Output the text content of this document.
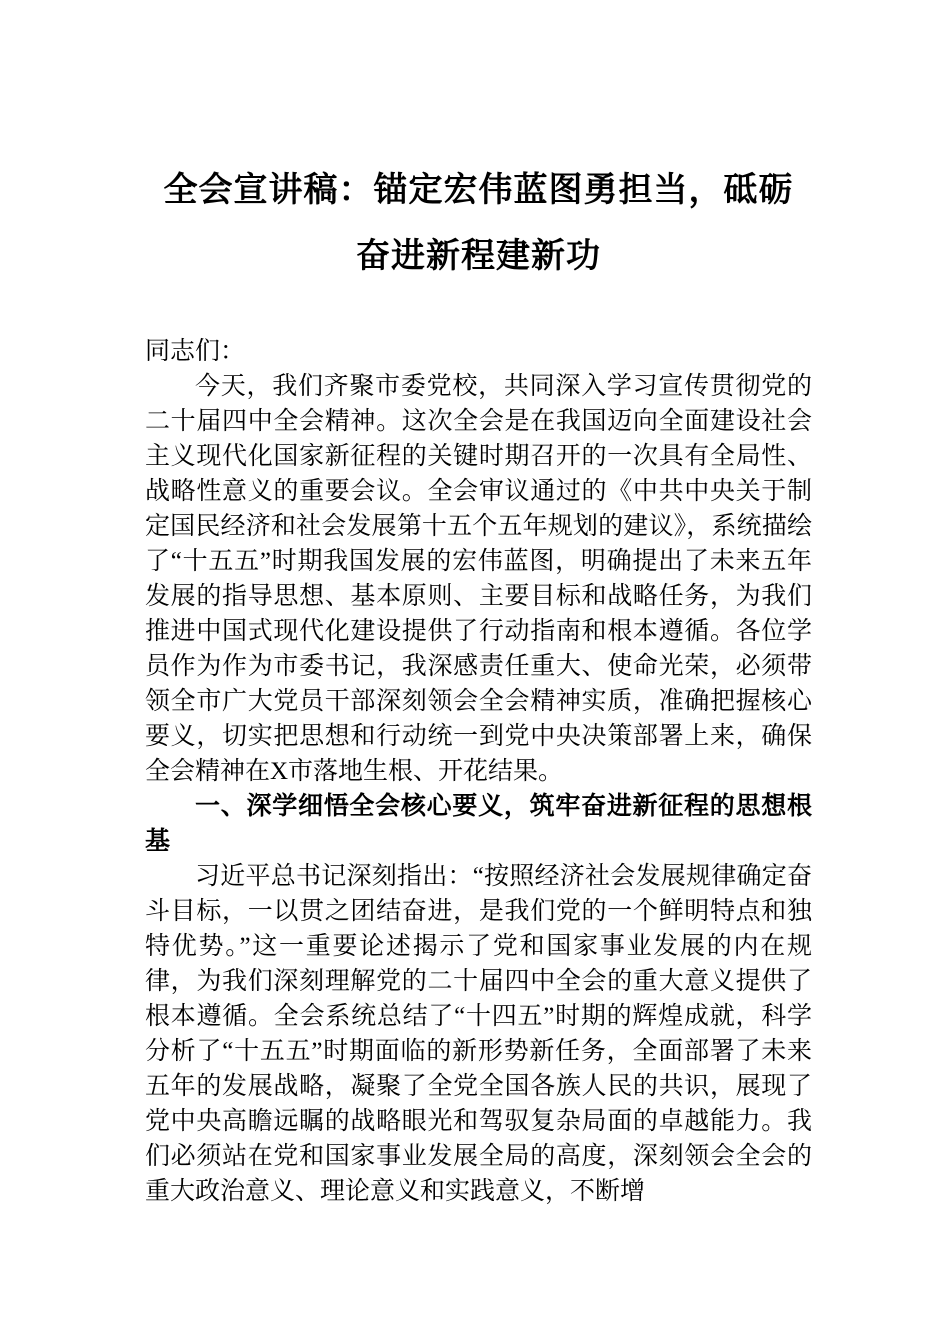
全会宣讲稿：锚定宏伟蓝图勇担当，砥砺
奋进新程建新功

同志们：

今天，我们齐聚市委党校，共同深入学习宣传贯彻党的二十届四中全会精神。这次全会是在我国迈向全面建设社会主义现代化国家新征程的关键时期召开的一次具有全局性、战略性意义的重要会议。全会审议通过的《中共中央关于制定国民经济和社会发展第十五个五年规划的建议》，系统描绘了“十五五”时期我国发展的宏伟蓝图，明确提出了未来五年发展的指导思想、基本原则、主要目标和战略任务，为我们推进中国式现代化建设提供了行动指南和根本遵循。各位学员作为作为市委书记，我深感责任重大、使命光荣，必须带领全市广大党员干部深刻领会全会精神实质，准确把握核心要义，切实把思想和行动统一到党中央决策部署上来，确保全会精神在X市落地生根、开花结果。

一、深学细悟全会核心要义，筑牢奋进新征程的思想根基

习近平总书记深刻指出：“按照经济社会发展规律确定奋斗目标，一以贯之团结奋进，是我们党的一个鲜明特点和独特优势。”这一重要论述揭示了党和国家事业发展的内在规律，为我们深刻理解党的二十届四中全会的重大意义提供了根本遵循。全会系统总结了“十四五”时期的辉煌成就，科学分析了“十五五”时期面临的新形势新任务，全面部署了未来五年的发展战略，凝聚了全党全国各族人民的共识，展现了党中央高瞻远瞩的战略眼光和驾驭复杂局面的卓越能力。我们必须站在党和国家事业发展全局的高度，深刻领会全会的重大政治意义、理论意义和实践意义，不断增
